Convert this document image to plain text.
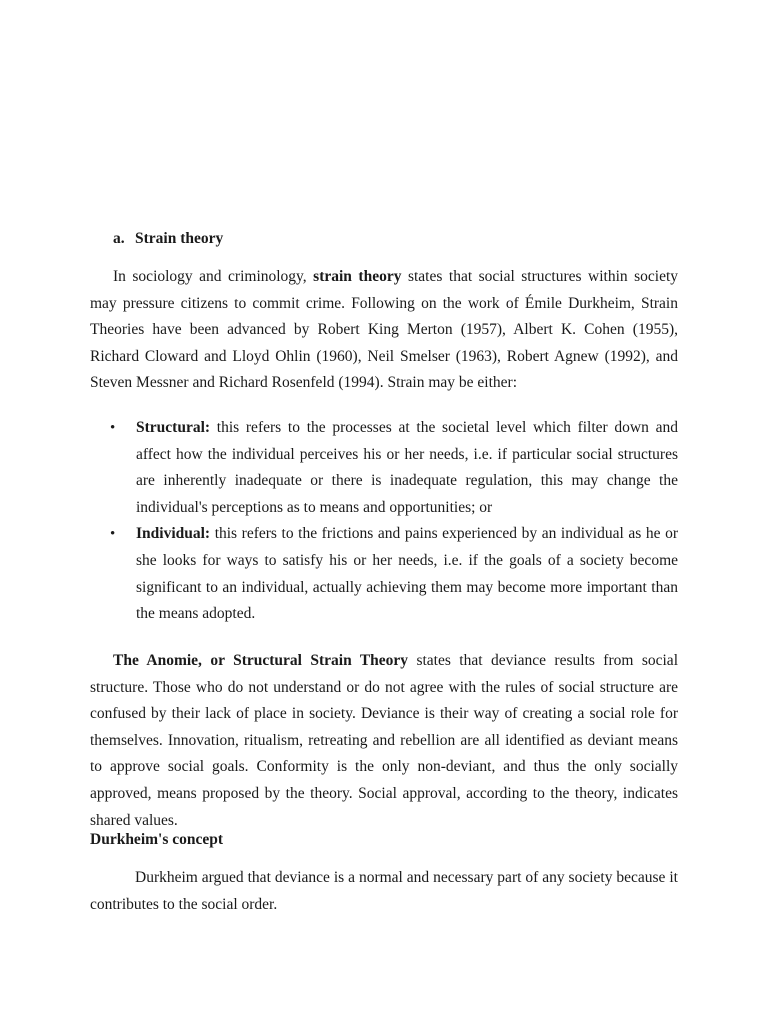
a. Strain theory

In sociology and criminology, strain theory states that social structures within society may pressure citizens to commit crime. Following on the work of Émile Durkheim, Strain Theories have been advanced by Robert King Merton (1957), Albert K. Cohen (1955), Richard Cloward and Lloyd Ohlin (1960), Neil Smelser (1963), Robert Agnew (1992), and Steven Messner and Richard Rosenfeld (1994). Strain may be either:

• Structural: this refers to the processes at the societal level which filter down and affect how the individual perceives his or her needs, i.e. if particular social structures are inherently inadequate or there is inadequate regulation, this may change the individual's perceptions as to means and opportunities; or
• Individual: this refers to the frictions and pains experienced by an individual as he or she looks for ways to satisfy his or her needs, i.e. if the goals of a society become significant to an individual, actually achieving them may become more important than the means adopted.

The Anomie, or Structural Strain Theory states that deviance results from social structure. Those who do not understand or do not agree with the rules of social structure are confused by their lack of place in society. Deviance is their way of creating a social role for themselves. Innovation, ritualism, retreating and rebellion are all identified as deviant means to approve social goals. Conformity is the only non-deviant, and thus the only socially approved, means proposed by the theory. Social approval, according to the theory, indicates shared values.

Durkheim's concept

Durkheim argued that deviance is a normal and necessary part of any society because it contributes to the social order.
